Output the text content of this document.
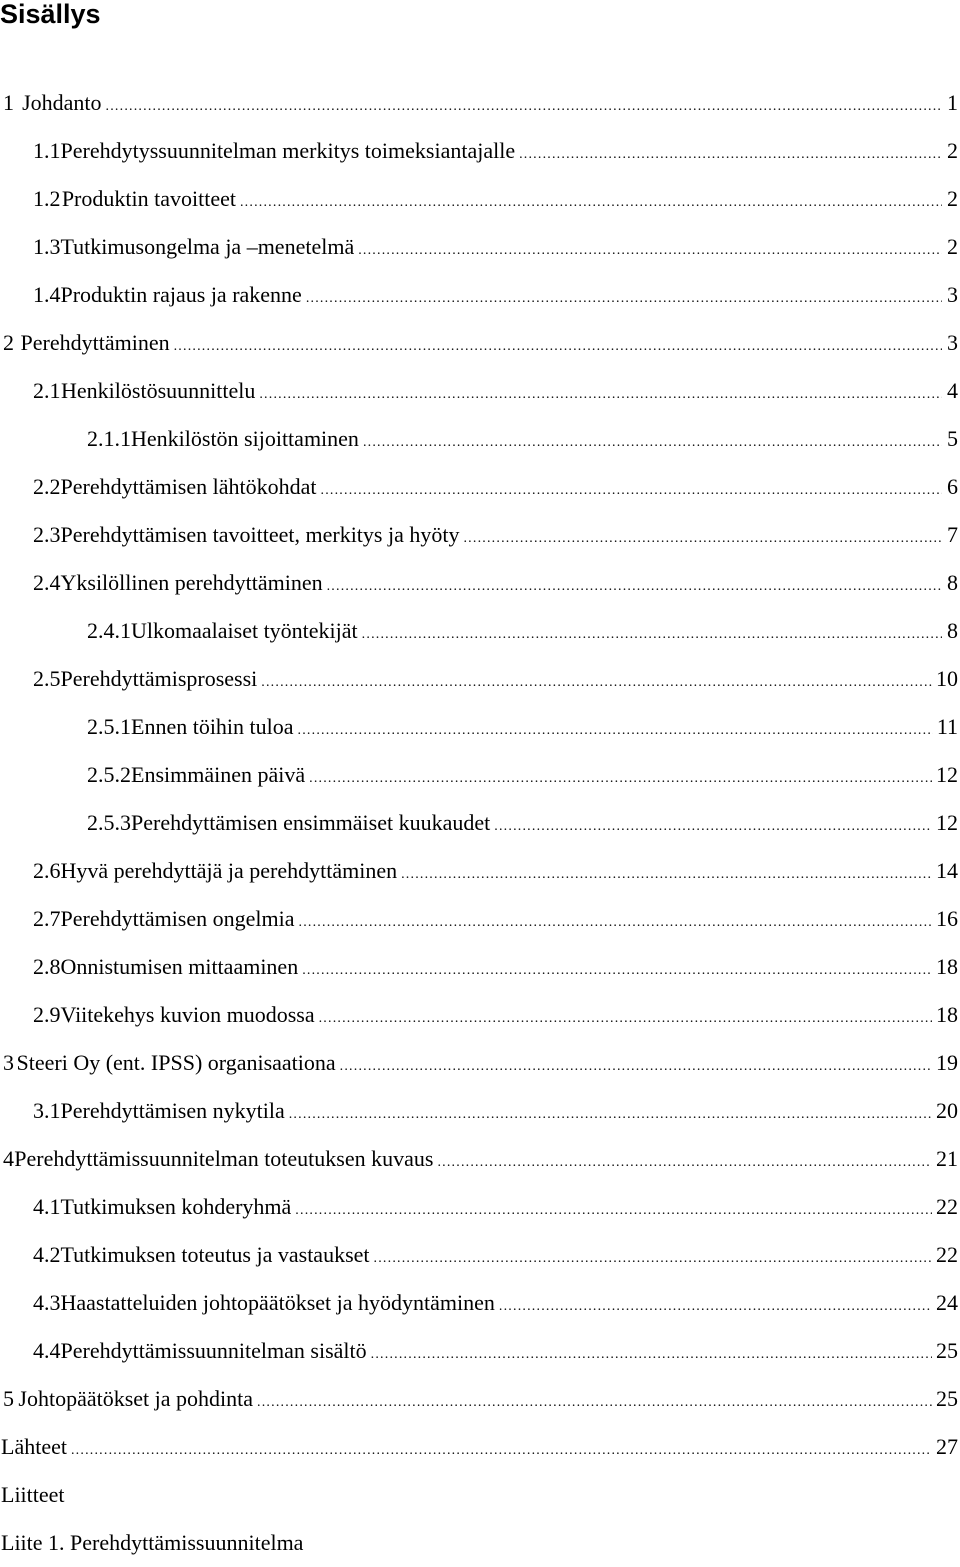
Sisällys
1 Johdanto .....	1
1.1 Perehdytyssuunnitelman merkitys toimeksiantajalle .....	2
1.2 Produktin tavoitteet .....	2
1.3 Tutkimusongelma ja –menetelmä .....	2
1.4 Produktin rajaus ja rakenne .....	3
2 Perehdyttäminen .....	3
2.1 Henkilöstösuunnittelu .....	4
2.1.1 Henkilöstön sijoittaminen .....	5
2.2 Perehdyttämisen lähtökohdat .....	6
2.3 Perehdyttämisen tavoitteet, merkitys ja hyöty .....	7
2.4 Yksilöllinen perehdyttäminen .....	8
2.4.1 Ulkomaalaiset työntekijät .....	8
2.5 Perehdyttämisprosessi .....	10
2.5.1 Ennen töihin tuloa .....	11
2.5.2 Ensimmäinen päivä .....	12
2.5.3 Perehdyttämisen ensimmäiset kuukaudet .....	12
2.6 Hyvä perehdyttäjä ja perehdyttäminen .....	14
2.7 Perehdyttämisen ongelmia .....	16
2.8 Onnistumisen mittaaminen .....	18
2.9 Viitekehys kuvion muodossa .....	18
3 Steeri Oy (ent. IPSS) organisaationa .....	19
3.1 Perehdyttämisen nykytila .....	20
4 Perehdyttämissuunnitelman toteutuksen kuvaus .....	21
4.1 Tutkimuksen kohderyhmä .....	22
4.2 Tutkimuksen toteutus ja vastaukset .....	22
4.3 Haastatteluiden johtopäätökset ja hyödyntäminen .....	24
4.4 Perehdyttämissuunnitelman sisältö .....	25
5 Johtopäätökset ja pohdinta .....	25
Lähteet .....	27
Liitteet
Liite 1. Perehdyttämissuunnitelma
